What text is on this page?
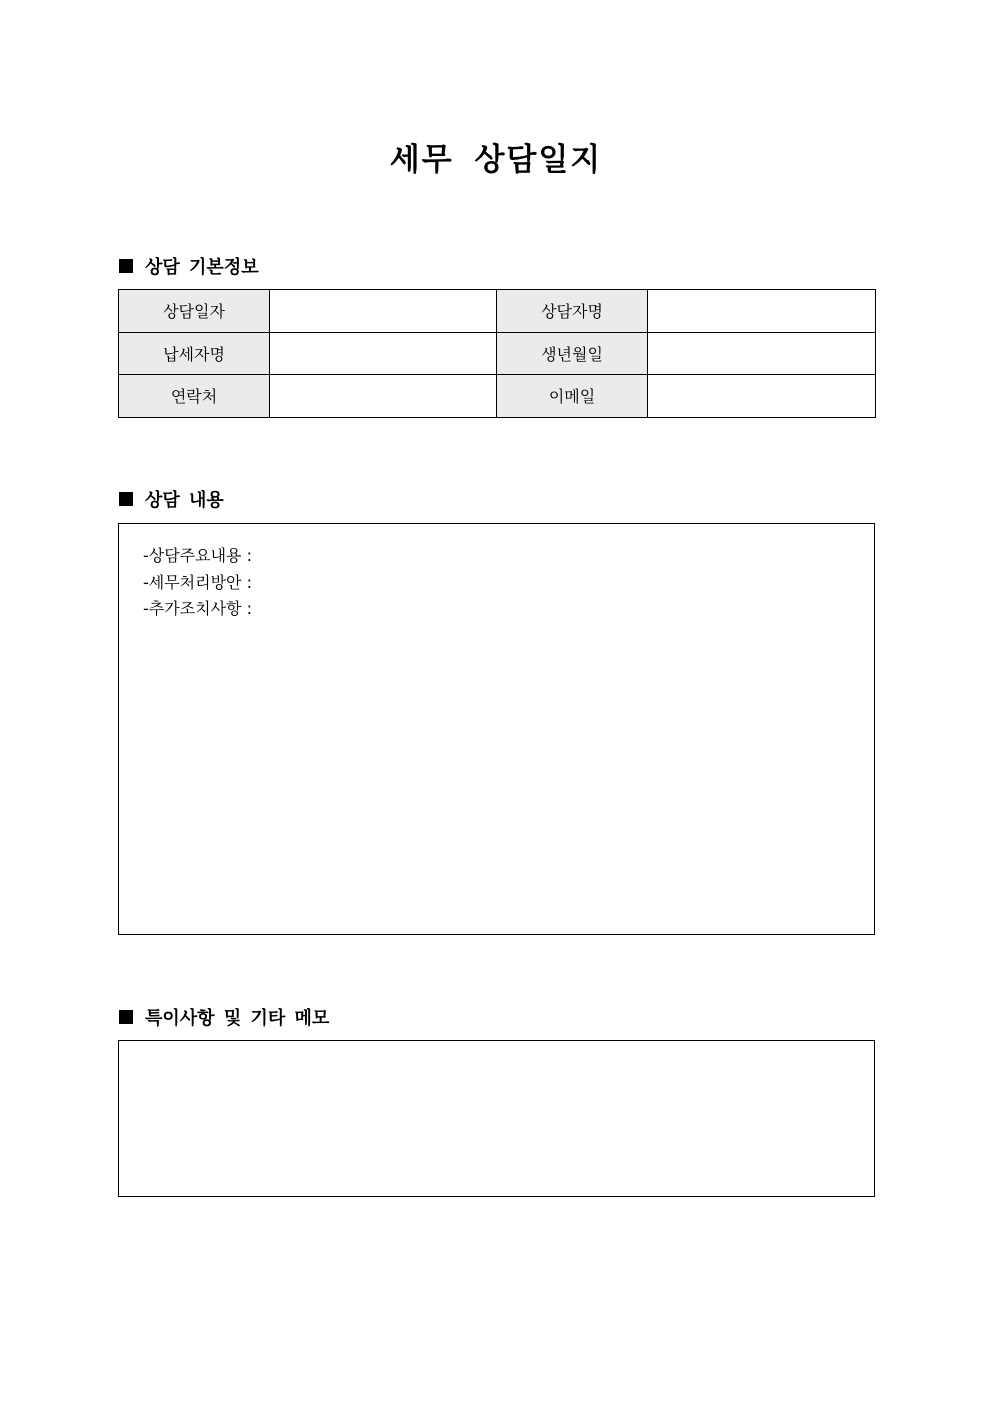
세무 상담일지
상담 기본정보
상담일자		상담자명	
납세자명		생년월일	
연락처		이메일	
상담 내용
-상담주요내용 :
-세무처리방안 :
-추가조치사항 :
특이사항 및 기타 메모
